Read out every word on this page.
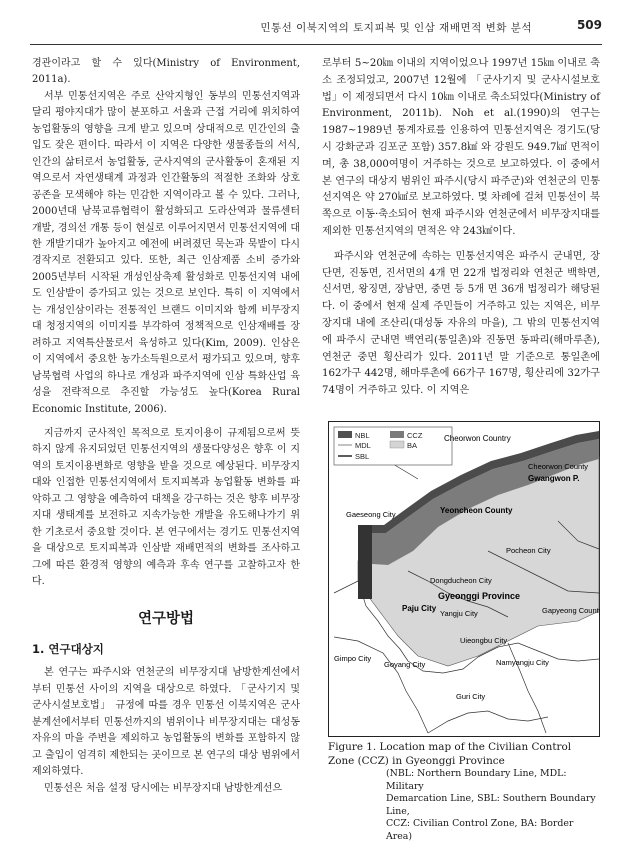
민통선 이북지역의 토지피복 및 인삼 재배면적 변화 분석	509

경관이라고 할 수 있다(Ministry of Environment, 2011a).

서부 민통선지역은 주로 산악지형인 동부의 민통선지역과 달리 평야지대가 많이 분포하고 서울과 근접 거리에 위치하여 농업활동의 영향을 크게 받고 있으며 상대적으로 민간인의 출입도 잦은 편이다. 따라서 이 지역은 다양한 생물종들의 서식, 인간의 삶터로서 농업활동, 군사지역의 군사활동이 혼재된 지역으로서 자연생태계 과정과 인간활동의 적절한 조화와 상호 공존을 모색해야 하는 민감한 지역이라고 볼 수 있다. 그러나, 2000년대 남북교류협력이 활성화되고 도라산역과 물류센터 개발, 경의선 개통 등이 현실로 이루어지면서 민통선지역에 대한 개발기대가 높아지고 예전에 버려졌던 묵논과 묵밭이 다시 경작지로 전환되고 있다. 또한, 최근 인삼제품 소비 증가와 2005년부터 시작된 개성인삼축제 활성화로 민통선지역 내에도 인삼밭이 증가되고 있는 것으로 보인다. 특히 이 지역에서는 개성인삼이라는 전통적인 브랜드 이미지와 함께 비무장지대 청정지역의 이미지를 부각하여 정책적으로 인삼재배를 장려하고 지역특산물로서 육성하고 있다(Kim, 2009). 인삼은 이 지역에서 중요한 농가소득원으로서 평가되고 있으며, 향후 남북협력 사업의 하나로 개성과 파주지역에 인삼 특화산업 육성을 전략적으로 추진할 가능성도 높다(Korea Rural Economic Institute, 2006).

지금까지 군사적인 목적으로 토지이용이 규제됨으로써 뜻하지 않게 유지되었던 민통선지역의 생물다양성은 향후 이 지역의 토지이용변화로 영향을 받을 것으로 예상된다. 비무장지대와 인접한 민통선지역에서 토지피복과 농업활동 변화를 파악하고 그 영향을 예측하여 대책을 강구하는 것은 향후 비무장지대 생태계를 보전하고 지속가능한 개발을 유도해나가기 위한 기초로서 중요할 것이다. 본 연구에서는 경기도 민통선지역을 대상으로 토지피복과 인삼밭 재배면적의 변화를 조사하고 그에 따른 환경적 영향의 예측과 후속 연구를 고찰하고자 한다.

연구방법
1. 연구대상지

본 연구는 파주시와 연천군의 비무장지대 남방한계선에서부터 민통선 사이의 지역을 대상으로 하였다. 「군사기지 및 군사시설보호법」 규정에 따를 경우 민통선 이북지역은 군사분계선에서부터 민통선까지의 범위이나 비무장지대는 대성동 자유의 마을 주변을 제외하고 농업활동의 변화를 포함하지 않고 출입이 엄격히 제한되는 곳이므로 본 연구의 대상 범위에서 제외하였다.

민통선은 처음 설정 당시에는 비무장지대 남방한계선으

로부터 5~20㎞ 이내의 지역이었으나 1997년 15㎞ 이내로 축소 조정되었고, 2007년 12월에 「군사기지 및 군사시설보호법」이 제정되면서 다시 10㎞ 이내로 축소되었다(Ministry of Environment, 2011b). Noh et al.(1990)의 연구는 1987~1989년 통계자료를 인용하여 민통선지역은 경기도(당시 강화군과 김포군 포함) 357.8㎢ 와 강원도 949.7㎢ 면적이며, 총 38,000여명이 거주하는 것으로 보고하였다. 이 중에서 본 연구의 대상지 범위인 파주시(당시 파주군)와 연천군의 민통선지역은 약 270㎢로 보고하였다. 몇 차례에 걸쳐 민통선이 북쪽으로 이동·축소되어 현재 파주시와 연천군에서 비무장지대를 제외한 민통선지역의 면적은 약 243㎢이다.

파주시와 연천군에 속하는 민통선지역은 파주시 군내면, 장단면, 진동면, 진서면의 4개 면 22개 법정리와 연천군 백학면, 신서면, 왕징면, 장남면, 중면 등 5개 면 36개 법정리가 해당된다. 이 중에서 현재 실제 주민들이 거주하고 있는 지역은, 비무장지대 내에 조산리(대성동 자유의 마을), 그 밖의 민통선지역에 파주시 군내면 백연리(통일촌)와 진동면 동파리(해마루촌), 연천군 중면 횡산리가 있다. 2011년 말 기준으로 통일촌에 162가구 442명, 해마루촌에 66가구 167명, 횡산리에 32가구 74명이 거주하고 있다. 이 지역은

NBL	CCZ
MDL	BA
SBL
Cheorwon Country
Cheorwon County
Gwangwon P.
Gaeseong City	Yeoncheon County
Pocheon City
Dongducheon City
Paju City
Gyeonggi Province
Yangju City	Gapyeong County
Uieongbu City
Gimpo City
Goyang City	Namyangju City
Guri City
Figure 1. Location map of the Civilian Control Zone (CCZ) in Gyeonggi Province
(NBL: Northern Boundary Line, MDL: Military
Demarcation Line, SBL: Southern Boundary Line,
CCZ: Civilian Control Zone, BA: Border Area)
